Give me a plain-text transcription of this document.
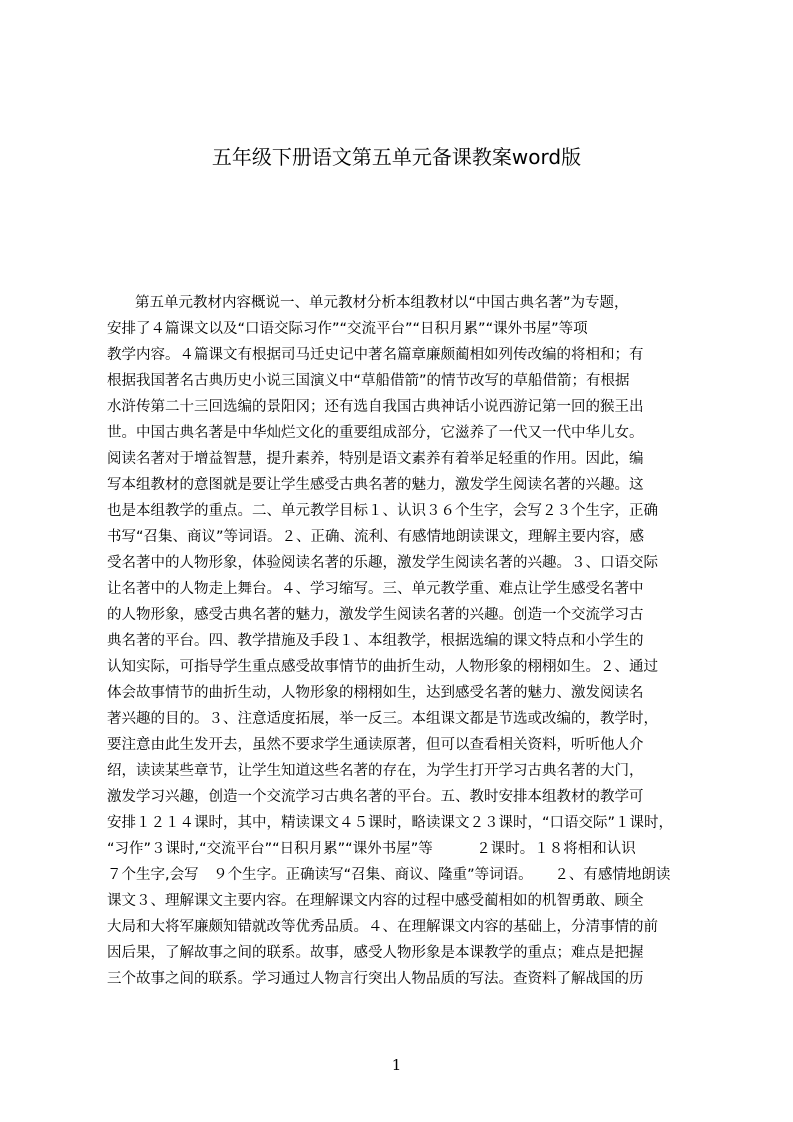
五年级下册语文第五单元备课教案word版
第五单元教材内容概说一、单元教材分析本组教材以“中国古典名著”为专题，
安排了４篇课文以及“口语交际习作”“交流平台”“日积月累”“课外书屋”等项
教学内容。４篇课文有根据司马迁史记中著名篇章廉颇蔺相如列传改编的将相和；有
根据我国著名古典历史小说三国演义中“草船借箭”的情节改写的草船借箭；有根据
水浒传第二十三回选编的景阳冈；还有选自我国古典神话小说西游记第一回的猴王出
世。中国古典名著是中华灿烂文化的重要组成部分，它滋养了一代又一代中华儿女。
阅读名著对于增益智慧，提升素养，特别是语文素养有着举足轻重的作用。因此，编
写本组教材的意图就是要让学生感受古典名著的魅力，激发学生阅读名著的兴趣。这
也是本组教学的重点。二、单元教学目标１、认识３６个生字，会写２３个生字，正确
书写“召集、商议”等词语。２、正确、流利、有感情地朗读课文，理解主要内容，感
受名著中的人物形象，体验阅读名著的乐趣，激发学生阅读名著的兴趣。３、口语交际
让名著中的人物走上舞台。４、学习缩写。三、单元教学重、难点让学生感受名著中
的人物形象，感受古典名著的魅力，激发学生阅读名著的兴趣。创造一个交流学习古
典名著的平台。四、教学措施及手段１、本组教学，根据选编的课文特点和小学生的
认知实际，可指导学生重点感受故事情节的曲折生动，人物形象的栩栩如生。２、通过
体会故事情节的曲折生动，人物形象的栩栩如生，达到感受名著的魅力、激发阅读名
著兴趣的目的。３、注意适度拓展，举一反三。本组课文都是节选或改编的，教学时，
要注意由此生发开去，虽然不要求学生通读原著，但可以查看相关资料，听听他人介
绍，读读某些章节，让学生知道这些名著的存在，为学生打开学习古典名著的大门，
激发学习兴趣，创造一个交流学习古典名著的平台。五、教时安排本组教材的教学可
安排１２１４课时，其中，精读课文４５课时，略读课文２３课时，“口语交际”１课时，
“习作”３课时,“交流平台”“日积月累”“课外书屋”等　　　２课时。１８将相和认识
７个生字,会写　９个生字。正确读写“召集、商议、隆重”等词语。　　２、有感情地朗读
课文３、理解课文主要内容。在理解课文内容的过程中感受蔺相如的机智勇敢、顾全
大局和大将军廉颇知错就改等优秀品质。４、在理解课文内容的基础上，分清事情的前
因后果，了解故事之间的联系。故事，感受人物形象是本课教学的重点；难点是把握
三个故事之间的联系。学习通过人物言行突出人物品质的写法。查资料了解战国的历
1
